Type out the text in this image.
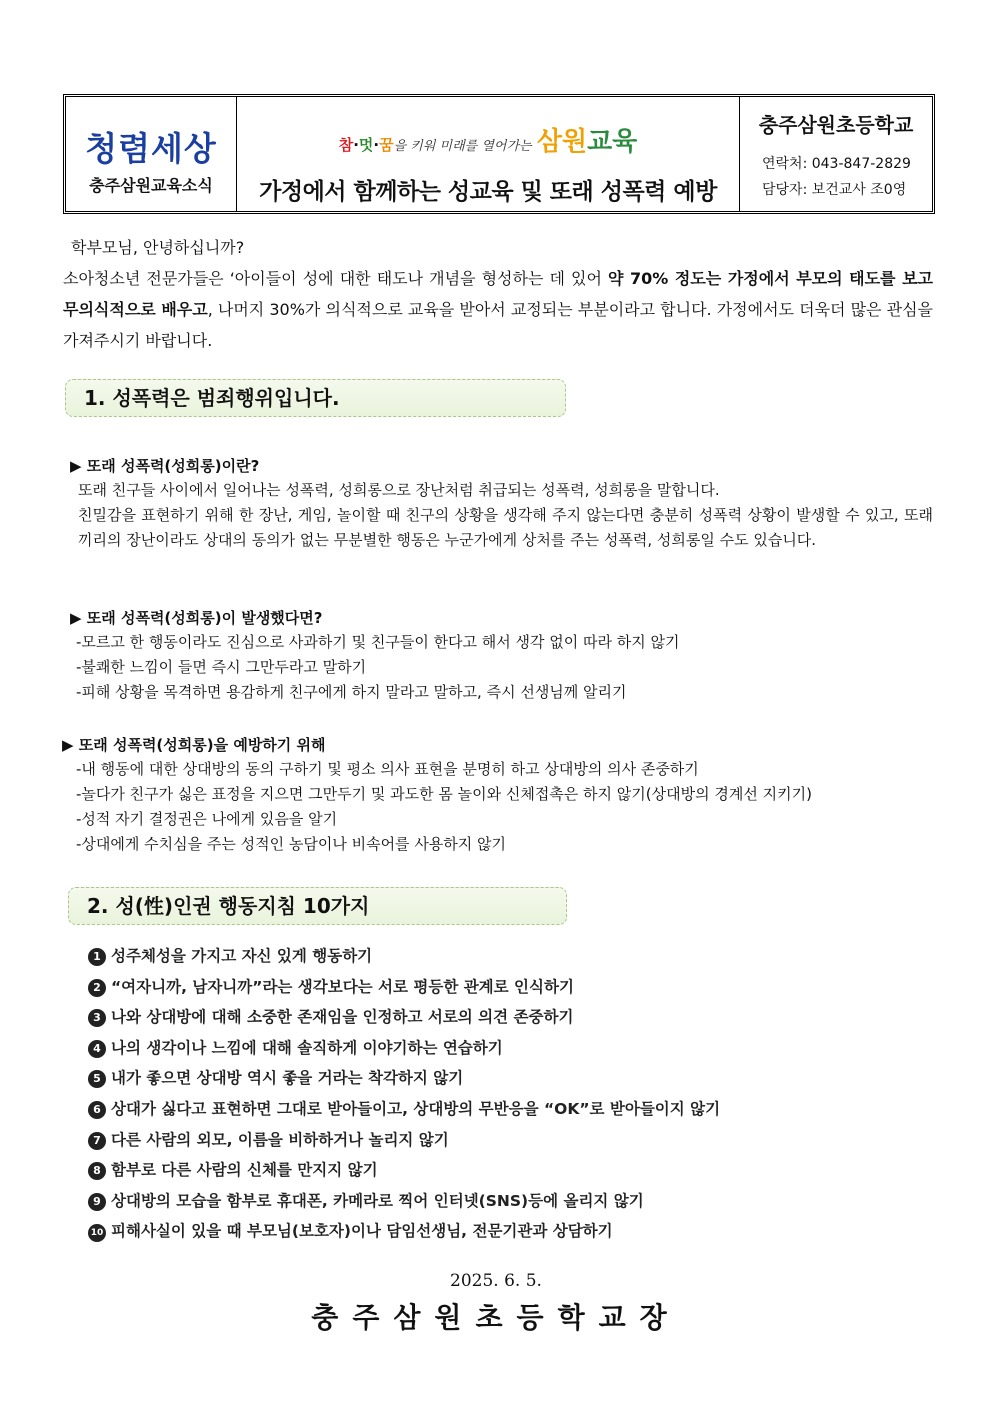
청렴세상
충주삼원교육소식
참·멋·꿈을 키워 미래를 열어가는 삼원교육
가정에서 함께하는 성교육 및 또래 성폭력 예방
충주삼원초등학교
연락처: 043-847-2829
담당자: 보건교사 조0영
학부모님, 안녕하십니까?
소아청소년 전문가들은 ‘아이들이 성에 대한 태도나 개념을 형성하는 데 있어 약 70% 정도는 가정에서 부모의 태도를 보고 무의식적으로 배우고, 나머지 30%가 의식적으로 교육을 받아서 교정되는 부분이라고 합니다. 가정에서도 더욱더 많은 관심을 가져주시기 바랍니다.
1. 성폭력은 범죄행위입니다.
▶ 또래 성폭력(성희롱)이란?
또래 친구들 사이에서 일어나는 성폭력, 성희롱으로 장난처럼 취급되는 성폭력, 성희롱을 말합니다.
친밀감을 표현하기 위해 한 장난, 게임, 놀이할 때 친구의 상황을 생각해 주지 않는다면 충분히 성폭력 상황이 발생할 수 있고, 또래끼리의 장난이라도 상대의 동의가 없는 무분별한 행동은 누군가에게 상처를 주는 성폭력, 성희롱일 수도 있습니다.
▶ 또래 성폭력(성희롱)이 발생했다면?
-모르고 한 행동이라도 진심으로 사과하기 및 친구들이 한다고 해서 생각 없이 따라 하지 않기
-불쾌한 느낌이 들면 즉시 그만두라고 말하기
-피해 상황을 목격하면 용감하게 친구에게 하지 말라고 말하고, 즉시 선생님께 알리기
▶ 또래 성폭력(성희롱)을 예방하기 위해
-내 행동에 대한 상대방의 동의 구하기 및 평소 의사 표현을 분명히 하고 상대방의 의사 존중하기
-놀다가 친구가 싫은 표정을 지으면 그만두기 및 과도한 몸 놀이와 신체접촉은 하지 않기(상대방의 경계선 지키기)
-성적 자기 결정권은 나에게 있음을 알기
-상대에게 수치심을 주는 성적인 농담이나 비속어를 사용하지 않기
2. 성(性)인권 행동지침 10가지
1 성주체성을 가지고 자신 있게 행동하기
2 “여자니까, 남자니까”라는 생각보다는 서로 평등한 관계로 인식하기
3 나와 상대방에 대해 소중한 존재임을 인정하고 서로의 의견 존중하기
4 나의 생각이나 느낌에 대해 솔직하게 이야기하는 연습하기
5 내가 좋으면 상대방 역시 좋을 거라는 착각하지 않기
6 상대가 싫다고 표현하면 그대로 받아들이고, 상대방의 무반응을 “OK”로 받아들이지 않기
7 다른 사람의 외모, 이름을 비하하거나 놀리지 않기
8 함부로 다른 사람의 신체를 만지지 않기
9 상대방의 모습을 함부로 휴대폰, 카메라로 찍어 인터넷(SNS)등에 올리지 않기
10 피해사실이 있을 때 부모님(보호자)이나 담임선생님, 전문기관과 상담하기
2025. 6. 5.
충주삼원초등학교장
